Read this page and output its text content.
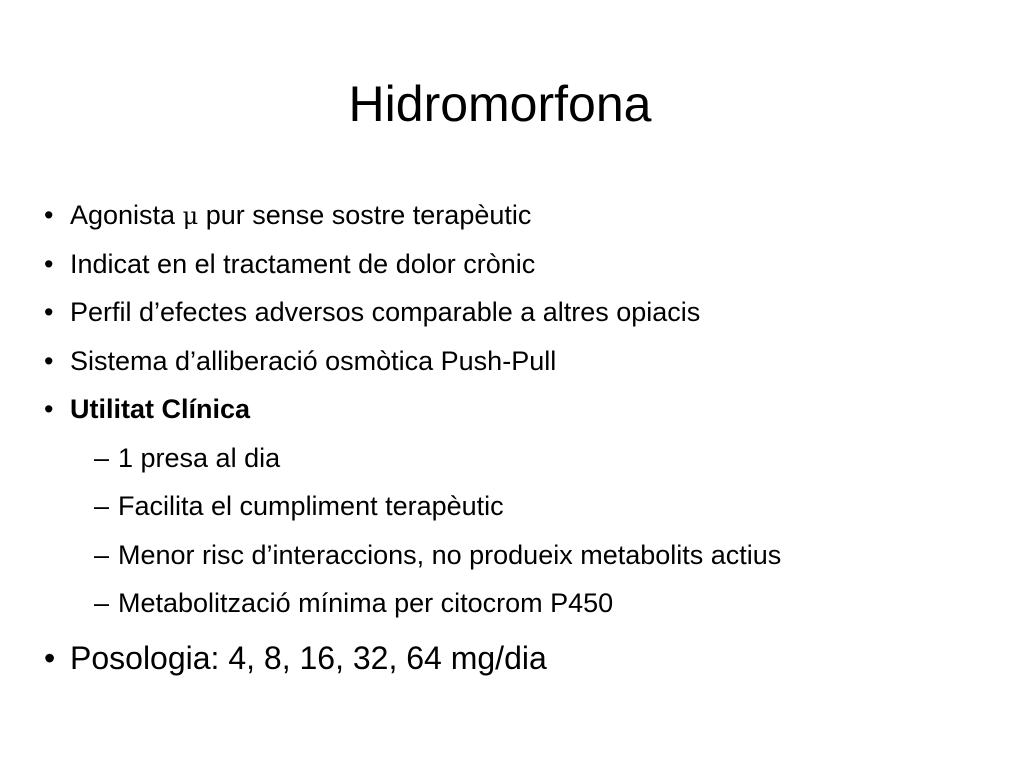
Hidromorfona
• Agonista μ pur sense sostre terapèutic
• Indicat en el tractament de dolor crònic
• Perfil d’efectes adversos comparable a altres opiacis
• Sistema d’alliberació osmòtica Push-Pull
• Utilitat Clínica
– 1 presa al dia
– Facilita el cumpliment terapèutic
– Menor risc d’interaccions, no produeix metabolits actius
– Metabolització mínima per citocrom P450
• Posologia: 4, 8, 16, 32, 64 mg/dia
